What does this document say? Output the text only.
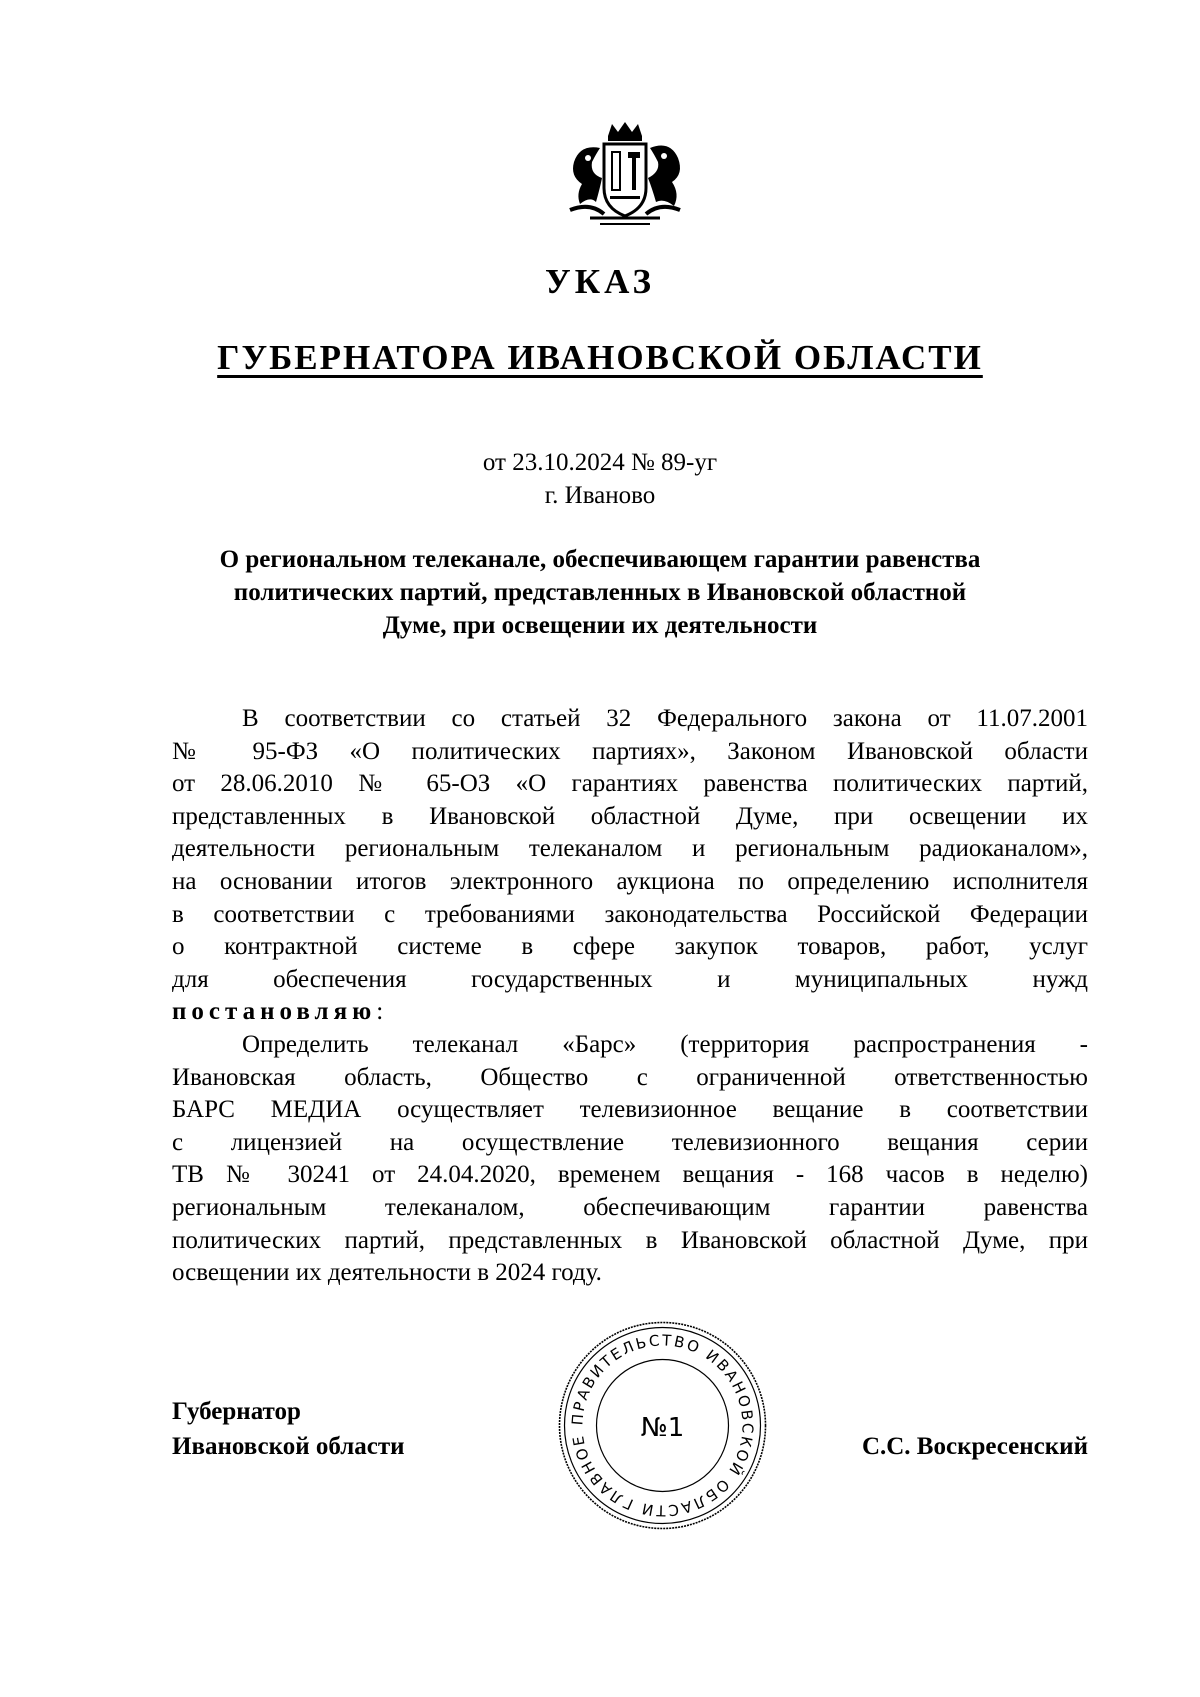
УКАЗ
ГУБЕРНАТОРА ИВАНОВСКОЙ ОБЛАСТИ
от 23.10.2024 № 89-уг
г. Иваново
О региональном телеканале, обеспечивающем гарантии равенства
политических партий, представленных в Ивановской областной
Думе, при освещении их деятельности
В соответствии со статьей 32 Федерального закона от 11.07.2001
№ 95-ФЗ «О политических партиях», Законом Ивановской области
от 28.06.2010 № 65-ОЗ «О гарантиях равенства политических партий,
представленных в Ивановской областной Думе, при освещении их
деятельности региональным телеканалом и региональным радиоканалом»,
на основании итогов электронного аукциона по определению исполнителя
в соответствии с требованиями законодательства Российской Федерации
о контрактной системе в сфере закупок товаров, работ, услуг
для обеспечения государственных и муниципальных нужд
постановляю:
Определить телеканал «Барс» (территория распространения -
Ивановская область, Общество с ограниченной ответственностью
БАРС МЕДИА осуществляет телевизионное вещание в соответствии
с лицензией на осуществление телевизионного вещания серии
ТВ № 30241 от 24.04.2020, временем вещания - 168 часов в неделю)
региональным телеканалом, обеспечивающим гарантии равенства
политических партий, представленных в Ивановской областной Думе, при
освещении их деятельности в 2024 году.
Губернатор
Ивановской области
ПРАВИТЕЛЬСТВО ИВАНОВСКОЙ ОБЛАСТИ ГЛАВНОЕ	№1
С.С. Воскресенский
